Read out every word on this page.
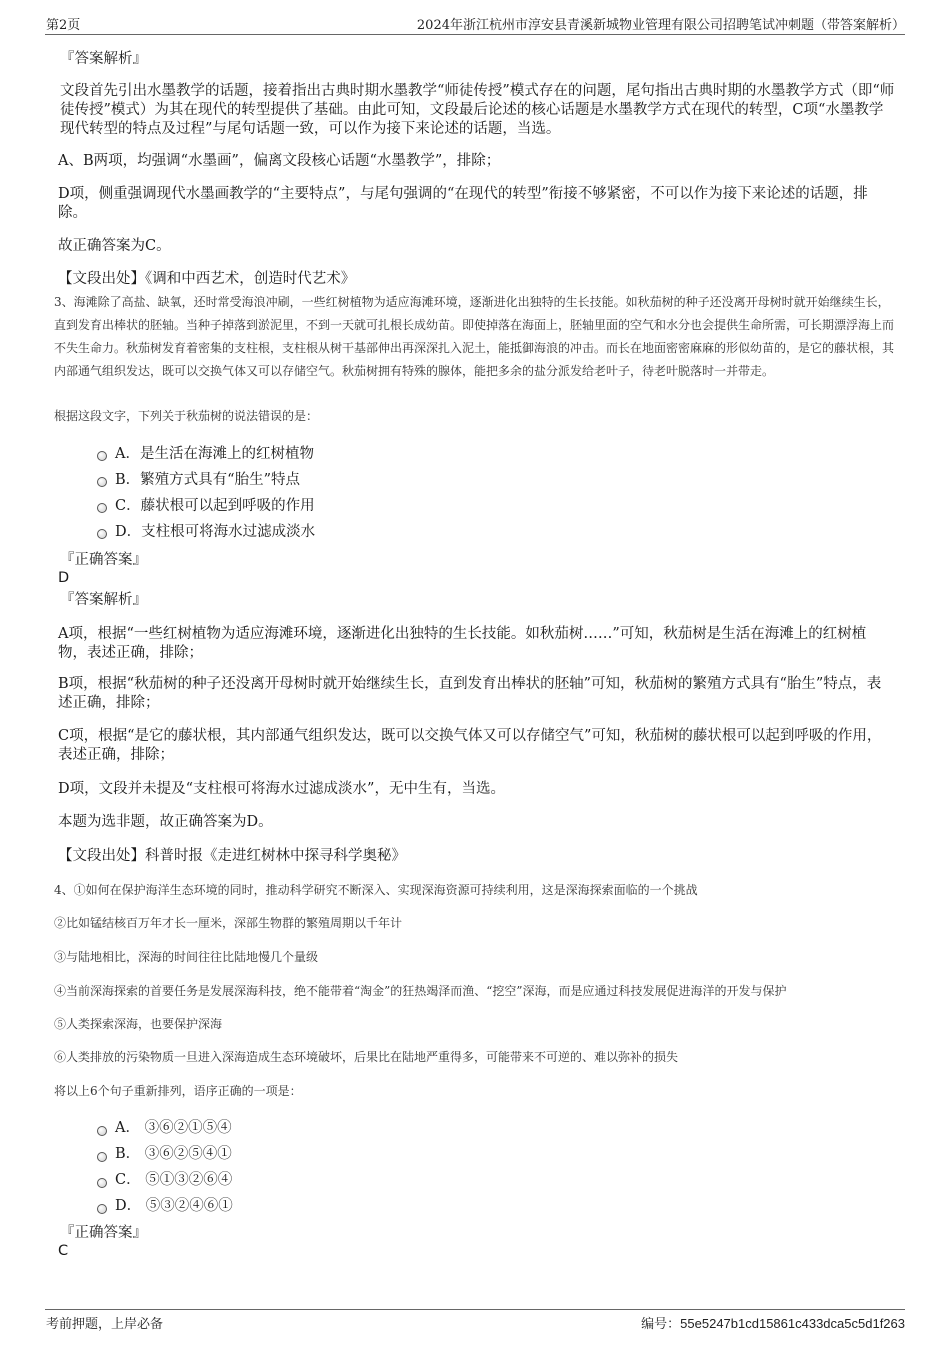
第2页	2024年浙江杭州市淳安县青溪新城物业管理有限公司招聘笔试冲刺题（带答案解析）
『答案解析』
文段首先引出水墨教学的话题，接着指出古典时期水墨教学“师徒传授”模式存在的问题，尾句指出古典时期的水墨教学方式（即“师徒传授”模式）为其在现代的转型提供了基础。由此可知，文段最后论述的核心话题是水墨教学方式在现代的转型，C项“水墨教学现代转型的特点及过程”与尾句话题一致，可以作为接下来论述的话题，当选。
A、B两项，均强调“水墨画”，偏离文段核心话题“水墨教学”，排除；
D项，侧重强调现代水墨画教学的“主要特点”，与尾句强调的“在现代的转型”衔接不够紧密，不可以作为接下来论述的话题，排除。
故正确答案为C。
【文段出处】《调和中西艺术，创造时代艺术》
3、海滩除了高盐、缺氧，还时常受海浪冲刷，一些红树植物为适应海滩环境，逐渐进化出独特的生长技能。如秋茄树的种子还没离开母树时就开始继续生长，直到发育出棒状的胚轴。当种子掉落到淤泥里，不到一天就可扎根长成幼苗。即使掉落在海面上，胚轴里面的空气和水分也会提供生命所需，可长期漂浮海上而不失生命力。秋茄树发育着密集的支柱根，支柱根从树干基部伸出再深深扎入泥土，能抵御海浪的冲击。而长在地面密密麻麻的形似幼苗的，是它的藤状根，其内部通气组织发达，既可以交换气体又可以存储空气。秋茄树拥有特殊的腺体，能把多余的盐分派发给老叶子，待老叶脱落时一并带走。
根据这段文字，下列关于秋茄树的说法错误的是：
A．是生活在海滩上的红树植物
B．繁殖方式具有“胎生”特点
C．藤状根可以起到呼吸的作用
D．支柱根可将海水过滤成淡水
『正确答案』
D
『答案解析』
A项，根据“一些红树植物为适应海滩环境，逐渐进化出独特的生长技能。如秋茄树……”可知，秋茄树是生活在海滩上的红树植物，表述正确，排除；
B项，根据“秋茄树的种子还没离开母树时就开始继续生长，直到发育出棒状的胚轴”可知，秋茄树的繁殖方式具有“胎生”特点，表述正确，排除；
C项，根据“是它的藤状根，其内部通气组织发达，既可以交换气体又可以存储空气”可知，秋茄树的藤状根可以起到呼吸的作用，表述正确，排除；
D项，文段并未提及“支柱根可将海水过滤成淡水”，无中生有，当选。
本题为选非题，故正确答案为D。
【文段出处】科普时报《走进红树林中探寻科学奥秘》
4、①如何在保护海洋生态环境的同时，推动科学研究不断深入、实现深海资源可持续利用，这是深海探索面临的一个挑战
②比如锰结核百万年才长一厘米，深部生物群的繁殖周期以千年计
③与陆地相比，深海的时间往往比陆地慢几个量级
④当前深海探索的首要任务是发展深海科技，绝不能带着“淘金”的狂热竭泽而渔、“挖空”深海，而是应通过科技发展促进海洋的开发与保护
⑤人类探索深海，也要保护深海
⑥人类排放的污染物质一旦进入深海造成生态环境破坏，后果比在陆地严重得多，可能带来不可逆的、难以弥补的损失
将以上6个句子重新排列，语序正确的一项是：
A． ③⑥②①⑤④
B． ③⑥②⑤④①
C． ⑤①③②⑥④
D． ⑤③②④⑥①
『正确答案』
C
考前押题，上岸必备	编号：55e5247b1cd15861c433dca5c5d1f263
